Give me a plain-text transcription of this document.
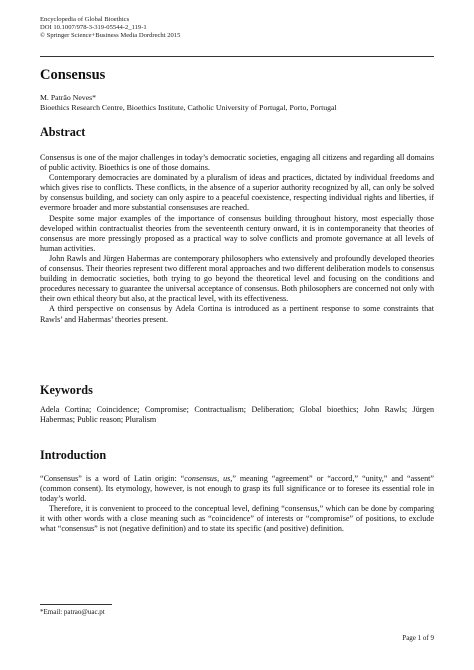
Encyclopedia of Global Bioethics
DOI 10.1007/978-3-319-05544-2_119-1
© Springer Science+Business Media Dordrecht 2015
Consensus
M. Patrão Neves*
Bioethics Research Centre, Bioethics Institute, Catholic University of Portugal, Porto, Portugal
Abstract

Consensus is one of the major challenges in today’s democratic societies, engaging all citizens and regarding all domains of public activity. Bioethics is one of those domains.

Contemporary democracies are dominated by a pluralism of ideas and practices, dictated by individual freedoms and which gives rise to conflicts. These conflicts, in the absence of a superior authority recognized by all, can only be solved by consensus building, and society can only aspire to a peaceful coexistence, respecting individual rights and liberties, if evermore broader and more substantial consensuses are reached.

Despite some major examples of the importance of consensus building throughout history, most especially those developed within contractualist theories from the seventeenth century onward, it is in contemporaneity that theories of consensus are more pressingly proposed as a practical way to solve conflicts and promote governance at all levels of human activities.

John Rawls and Jürgen Habermas are contemporary philosophers who extensively and profoundly developed theories of consensus. Their theories represent two different moral approaches and two different deliberation models to consensus building in democratic societies, both trying to go beyond the theoretical level and focusing on the conditions and procedures necessary to guarantee the universal acceptance of consensus. Both philosophers are concerned not only with their own ethical theory but also, at the practical level, with its effectiveness.

A third perspective on consensus by Adela Cortina is introduced as a pertinent response to some constraints that Rawls’ and Habermas’ theories present.

Keywords

Adela Cortina; Coincidence; Compromise; Contractualism; Deliberation; Global bioethics; John Rawls; Jürgen Habermas; Public reason; Pluralism

Introduction

“Consensus” is a word of Latin origin: “consensus, us,” meaning “agreement” or “accord,” “unity,” and “assent” (common consent). Its etymology, however, is not enough to grasp its full significance or to foresee its essential role in today’s world.

Therefore, it is convenient to proceed to the conceptual level, defining “consensus,” which can be done by comparing it with other words with a close meaning such as “coincidence” of interests or “compromise” of positions, to exclude what “consensus” is not (negative definition) and to state its specific (and positive) definition.

*Email: patrao@uac.pt
Page 1 of 9
